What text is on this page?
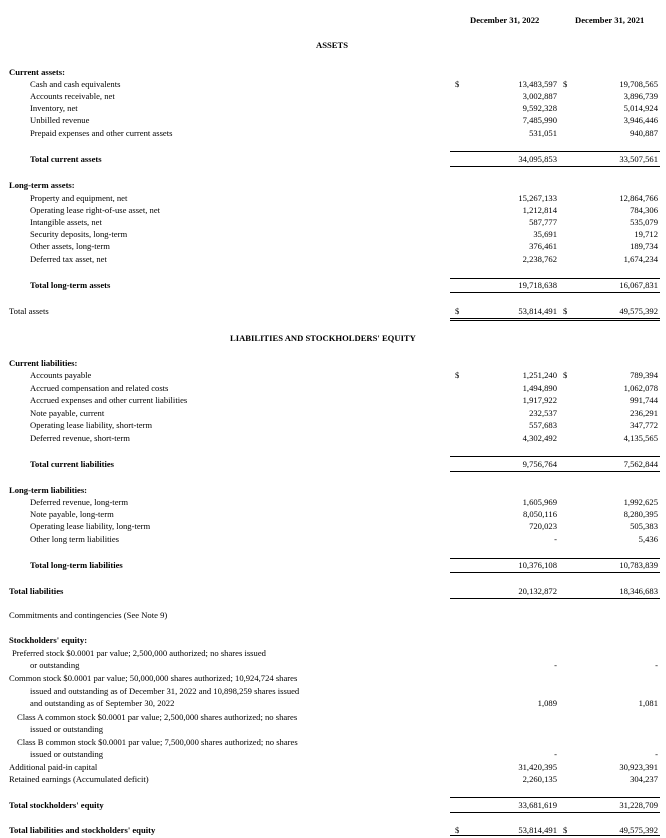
December 31, 2022	December 31, 2021
ASSETS
Current assets:
Cash and cash equivalents	$	13,483,597 $	19,708,565
Accounts receivable, net	3,002,887	3,896,739
Inventory, net	9,592,328	5,014,924
Unbilled revenue	7,485,990	3,946,446
Prepaid expenses and other current assets	531,051	940,887
Total current assets	34,095,853	33,507,561
Long-term assets:
Property and equipment, net	15,267,133	12,864,766
Operating lease right-of-use asset, net	1,212,814	784,306
Intangible assets, net	587,777	535,079
Security deposits, long-term	35,691	19,712
Other assets, long-term	376,461	189,734
Deferred tax asset, net	2,238,762	1,674,234
Total long-term assets	19,718,638	16,067,831
Total assets	$	53,814,491 $	49,575,392
LIABILITIES AND STOCKHOLDERS' EQUITY
Current liabilities:
Accounts payable	$	1,251,240 $	789,394
Accrued compensation and related costs	1,494,890	1,062,078
Accrued expenses and other current liabilities	1,917,922	991,744
Note payable, current	232,537	236,291
Operating lease liability, short-term	557,683	347,772
Deferred revenue, short-term	4,302,492	4,135,565
Total current liabilities	9,756,764	7,562,844
Long-term liabilities:
Deferred revenue, long-term	1,605,969	1,992,625
Note payable, long-term	8,050,116	8,280,395
Operating lease liability, long-term	720,023	505,383
Other long term liabilities	-	5,436
Total long-term liabilities	10,376,108	10,783,839
Total liabilities	20,132,872	18,346,683
Commitments and contingencies (See Note 9)
Stockholders' equity:
Preferred stock $0.0001 par value; 2,500,000 authorized; no shares issued
or outstanding	-	-
Common stock $0.0001 par value; 50,000,000 shares authorized; 10,924,724 shares
issued and outstanding as of December 31, 2022 and 10,898,259 shares issued
and outstanding as of September 30, 2022	1,089	1,081
Class A common stock $0.0001 par value; 2,500,000 shares authorized; no shares
issued or outstanding
Class B common stock $0.0001 par value; 7,500,000 shares authorized; no shares
issued or outstanding	-	-
Additional paid-in capital	31,420,395	30,923,391
Retained earnings (Accumulated deficit)	2,260,135	304,237
Total stockholders' equity	33,681,619	31,228,709
Total liabilities and stockholders' equity	$	53,814,491 $	49,575,392
